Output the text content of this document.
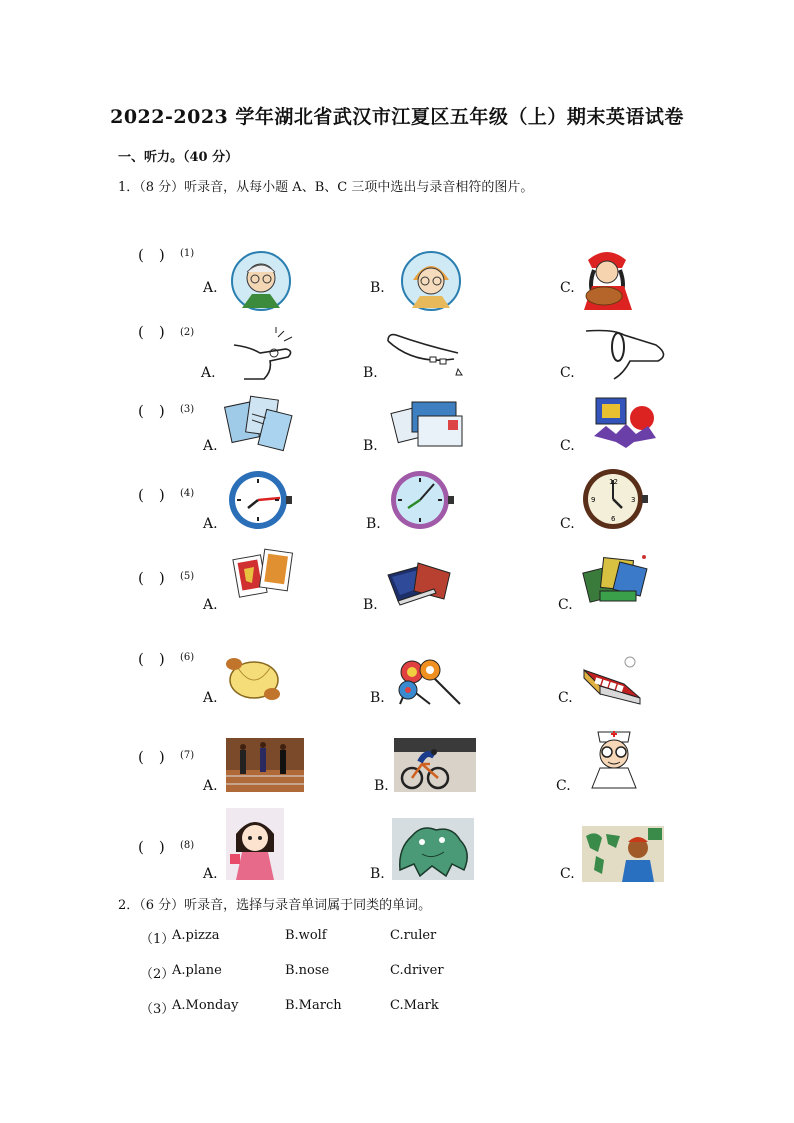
2022-2023 学年湖北省武汉市江夏区五年级（上）期末英语试卷
一、听力。（40 分）
1．（8 分）听录音，从每小题 A、B、C 三项中选出与录音相符的图片。
(　) (1)
A.	B.	C.
(　) (2)
A.	B.	C.
(　) (3)
A.	B.	C.
(　) (4)
A.	B.	C.
12
3
6
9
(　) (5)
A.	B.	C.
(　) (6)
A.	B.	C.
■■■■
(　) (7)
A.	B.	C.
(　) (8)
A.	B.	C.
2．（6 分）听录音，选择与录音单词属于同类的单词。
（1）
A.pizza	B.wolf	C.ruler
（2）
A.plane	B.nose	C.driver
（3）
A.Monday	B.March	C.Mark
